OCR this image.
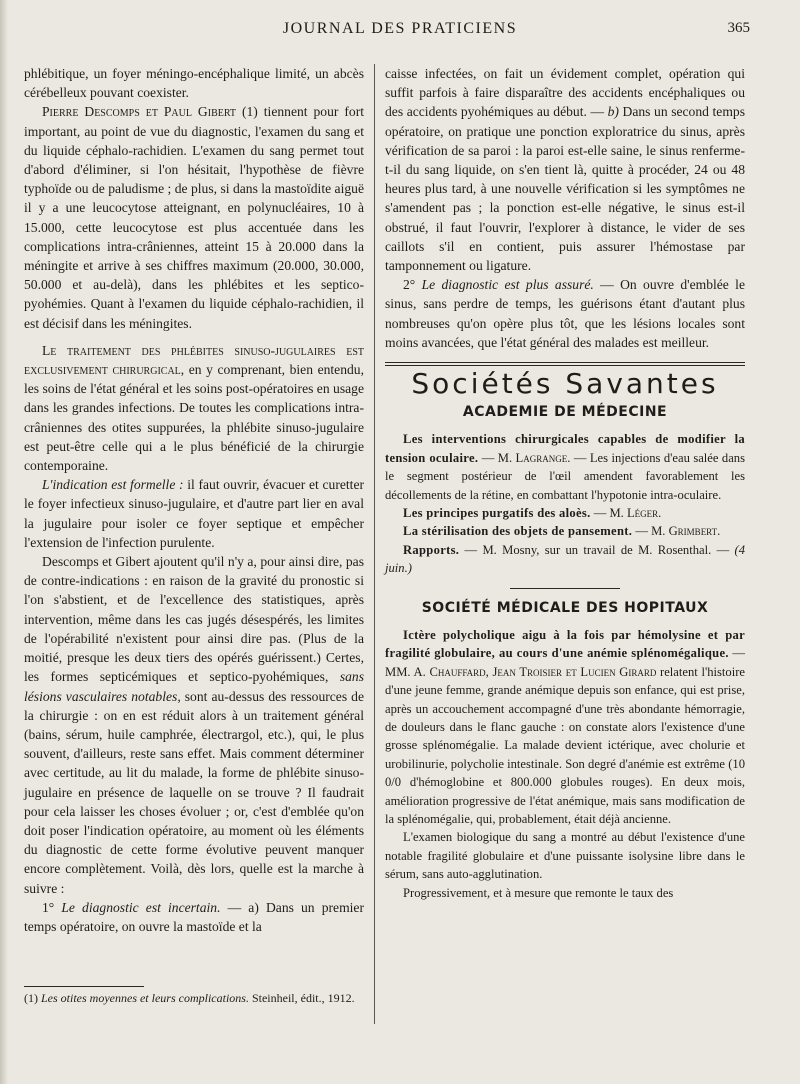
JOURNAL DES PRATICIENS	365

phlébitique, un foyer méningo-encéphalique limité, un abcès cérébelleux pouvant coexister.

Pierre Descomps et Paul Gibert (1) tiennent pour fort important, au point de vue du diagnostic, l'examen du sang et du liquide céphalo-rachidien. L'examen du sang permet tout d'abord d'éliminer, si l'on hésitait, l'hypothèse de fièvre typhoïde ou de paludisme ; de plus, si dans la mastoïdite aiguë il y a une leucocytose atteignant, en polynucléaires, 10 à 15.000, cette leucocytose est plus accentuée dans les complications intra-crâniennes, atteint 15 à 20.000 dans la méningite et arrive à ses chiffres maximum (20.000, 30.000, 50.000 et au-delà), dans les phlébites et les septico-pyohémies. Quant à l'examen du liquide céphalo-rachidien, il est décisif dans les méningites.

Le traitement des phlébites sinuso-jugulaires est exclusivement chirurgical, en y comprenant, bien entendu, les soins de l'état général et les soins post-opératoires en usage dans les grandes infections. De toutes les complications intra-crâniennes des otites suppurées, la phlébite sinuso-jugulaire est peut-être celle qui a le plus bénéficié de la chirurgie contemporaine.

L'indication est formelle : il faut ouvrir, évacuer et curetter le foyer infectieux sinuso-jugulaire, et d'autre part lier en aval la jugulaire pour isoler ce foyer septique et empêcher l'extension de l'infection purulente.

Descomps et Gibert ajoutent qu'il n'y a, pour ainsi dire, pas de contre-indications : en raison de la gravité du pronostic si l'on s'abstient, et de l'excellence des statistiques, après intervention, même dans les cas jugés désespérés, les limites de l'opérabilité n'existent pour ainsi dire pas. (Plus de la moitié, presque les deux tiers des opérés guérissent.) Certes, les formes septicémiques et septico-pyohémiques, sans lésions vasculaires notables, sont au-dessus des ressources de la chirurgie : on en est réduit alors à un traitement général (bains, sérum, huile camphrée, électrargol, etc.), qui, le plus souvent, d'ailleurs, reste sans effet. Mais comment déterminer avec certitude, au lit du malade, la forme de phlébite sinuso-jugulaire en présence de laquelle on se trouve ? Il faudrait pour cela laisser les choses évoluer ; or, c'est d'emblée qu'on doit poser l'indication opératoire, au moment où les éléments du diagnostic de cette forme évolutive peuvent manquer encore complètement. Voilà, dès lors, quelle est la marche à suivre :

1° Le diagnostic est incertain. — a) Dans un premier temps opératoire, on ouvre la mastoïde et la

(1) Les otites moyennes et leurs complications. Steinheil, édit., 1912.

caisse infectées, on fait un évidement complet, opération qui suffit parfois à faire disparaître des accidents encéphaliques ou des accidents pyohémiques au début. — b) Dans un second temps opératoire, on pratique une ponction exploratrice du sinus, après vérification de sa paroi : la paroi est-elle saine, le sinus renferme-t-il du sang liquide, on s'en tient là, quitte à procéder, 24 ou 48 heures plus tard, à une nouvelle vérification si les symptômes ne s'amendent pas ; la ponction est-elle négative, le sinus est-il obstrué, il faut l'ouvrir, l'explorer à distance, le vider de ses caillots s'il en contient, puis assurer l'hémostase par tamponnement ou ligature.

2° Le diagnostic est plus assuré. — On ouvre d'emblée le sinus, sans perdre de temps, les guérisons étant d'autant plus nombreuses qu'on opère plus tôt, que les lésions locales sont moins avancées, que l'état général des malades est meilleur.

Sociétés Savantes
ACADEMIE DE MÉDECINE

Les interventions chirurgicales capables de modifier la tension oculaire. — M. Lagrange. — Les injections d'eau salée dans le segment postérieur de l'œil amendent favorablement les décollements de la rétine, en combattant l'hypotonie intra-oculaire.

Les principes purgatifs des aloès. — M. Léger.

La stérilisation des objets de pansement. — M. Grimbert.

Rapports. — M. Mosny, sur un travail de M. Rosenthal. — (4 juin.)

SOCIÉTÉ MÉDICALE DES HOPITAUX

Ictère polycholique aigu à la fois par hémolysine et par fragilité globulaire, au cours d'une anémie splénomégalique. — MM. A. Chauffard, Jean Troisier et Lucien Girard relatent l'histoire d'une jeune femme, grande anémique depuis son enfance, qui est prise, après un accouchement accompagné d'une très abondante hémorragie, de douleurs dans le flanc gauche : on constate alors l'existence d'une grosse splénomégalie. La malade devient ictérique, avec cholurie et urobilinurie, polycholie intestinale. Son degré d'anémie est extrême (10 0/0 d'hémoglobine et 800.000 globules rouges). En deux mois, amélioration progressive de l'état anémique, mais sans modification de la splénomégalie, qui, probablement, était déjà ancienne.

L'examen biologique du sang a montré au début l'existence d'une notable fragilité globulaire et d'une puissante isolysine libre dans le sérum, sans auto-agglutination.

Progressivement, et à mesure que remonte le taux des
